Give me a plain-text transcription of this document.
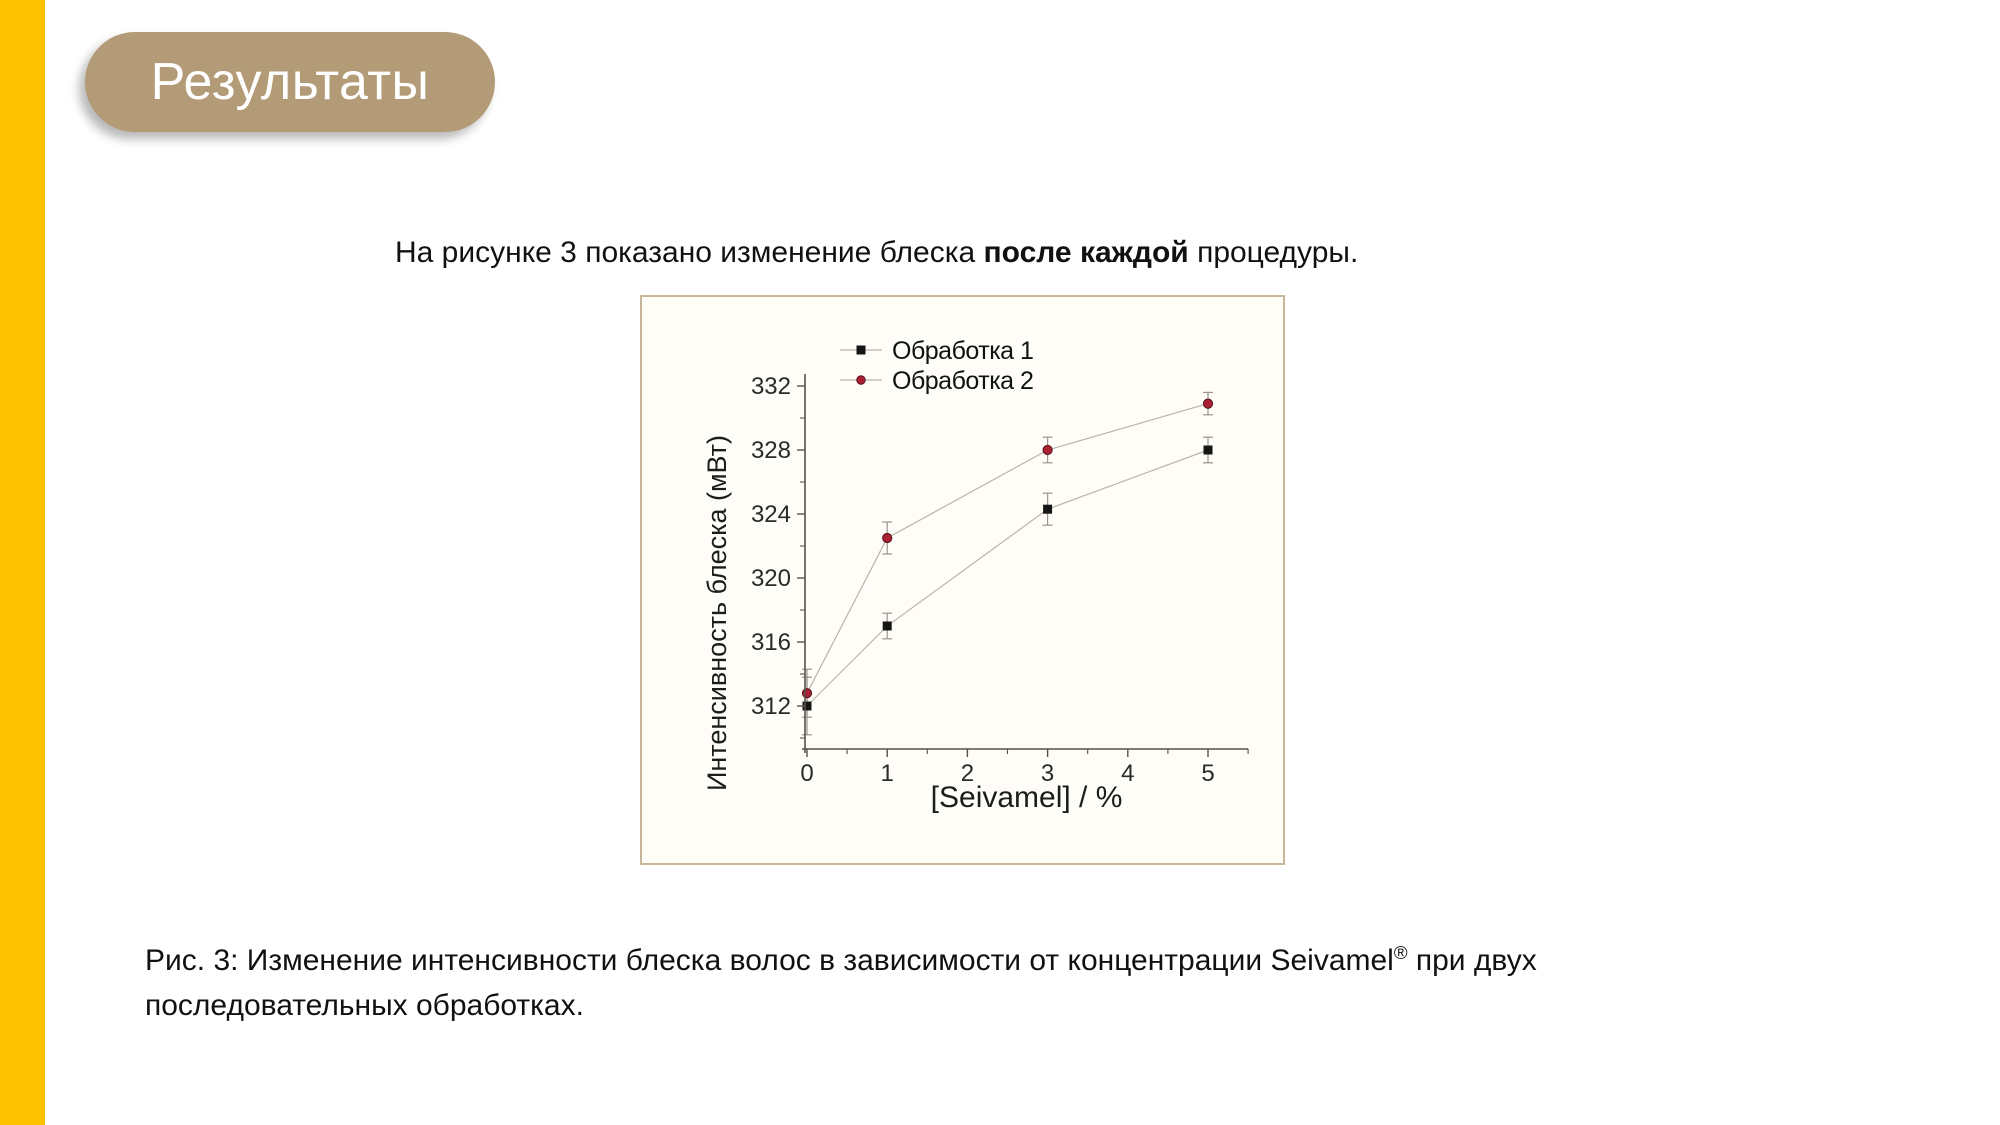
Результаты
На рисунке 3 показано изменение блеска после каждой процедуры.
0	1	2	3	4	5
312
316
320
324
328
332
[Seivamel] / %
Интенсивность блеска (мВт)
Обработка 1
Обработка 2
Рис. 3: Изменение интенсивности блеска волос в зависимости от концентрации Seivamel® при двух последовательных обработках.
